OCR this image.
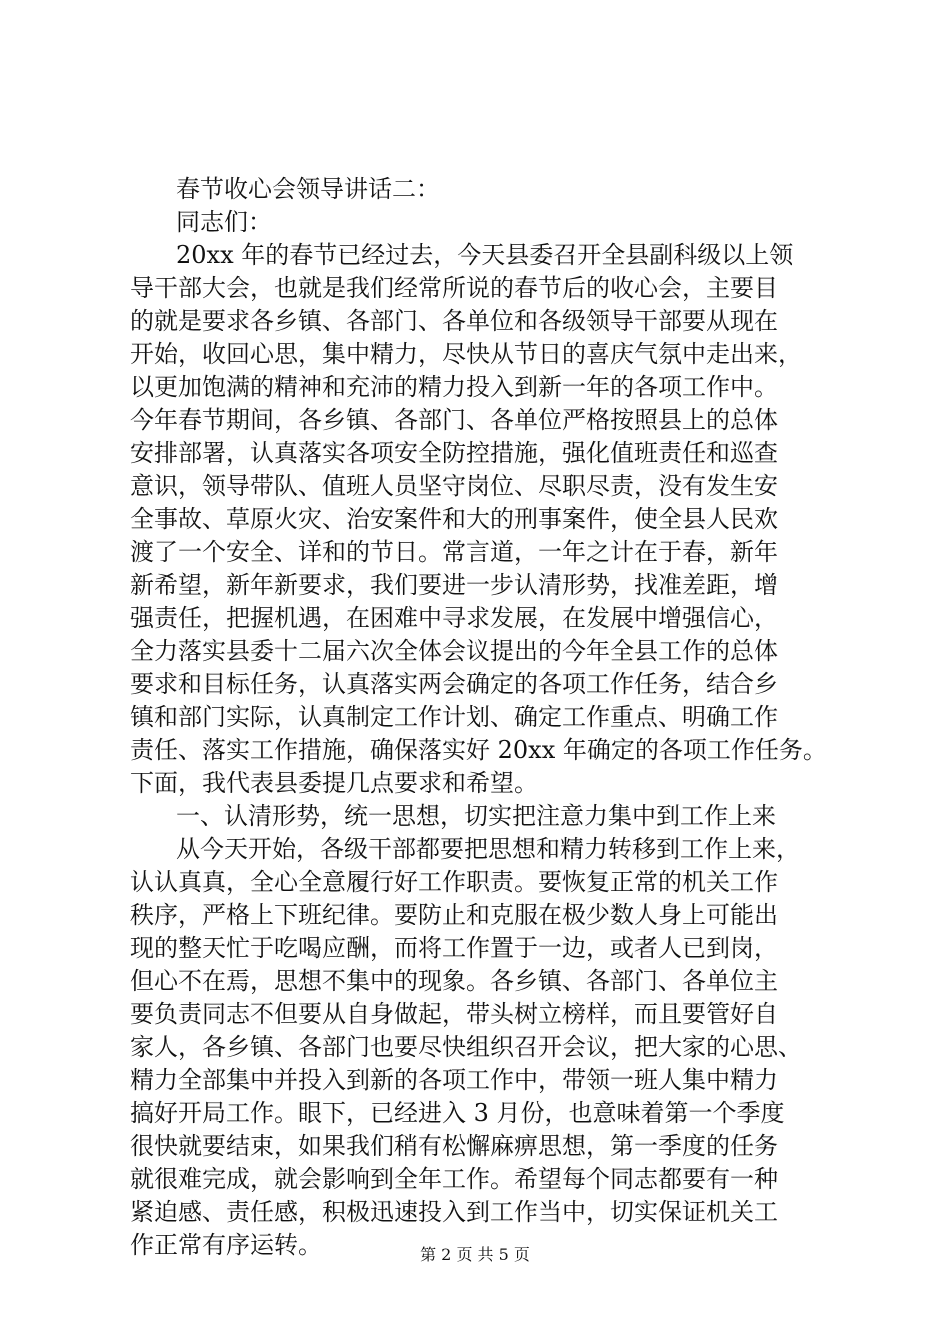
春节收心会领导讲话二：
同志们：
20xx 年的春节已经过去，今天县委召开全县副科级以上领
导干部大会，也就是我们经常所说的春节后的收心会，主要目
的就是要求各乡镇、各部门、各单位和各级领导干部要从现在
开始，收回心思，集中精力，尽快从节日的喜庆气氛中走出来，
以更加饱满的精神和充沛的精力投入到新一年的各项工作中。
今年春节期间，各乡镇、各部门、各单位严格按照县上的总体
安排部署，认真落实各项安全防控措施，强化值班责任和巡查
意识，领导带队、值班人员坚守岗位、尽职尽责，没有发生安
全事故、草原火灾、治安案件和大的刑事案件，使全县人民欢
渡了一个安全、详和的节日。常言道，一年之计在于春，新年
新希望，新年新要求，我们要进一步认清形势，找准差距，增
强责任，把握机遇，在困难中寻求发展，在发展中增强信心，
全力落实县委十二届六次全体会议提出的今年全县工作的总体
要求和目标任务，认真落实两会确定的各项工作任务，结合乡
镇和部门实际，认真制定工作计划、确定工作重点、明确工作
责任、落实工作措施，确保落实好 20xx 年确定的各项工作任务。
下面，我代表县委提几点要求和希望。
一、认清形势，统一思想，切实把注意力集中到工作上来
从今天开始，各级干部都要把思想和精力转移到工作上来，
认认真真，全心全意履行好工作职责。要恢复正常的机关工作
秩序，严格上下班纪律。要防止和克服在极少数人身上可能出
现的整天忙于吃喝应酬，而将工作置于一边，或者人已到岗，
但心不在焉，思想不集中的现象。各乡镇、各部门、各单位主
要负责同志不但要从自身做起，带头树立榜样，而且要管好自
家人，各乡镇、各部门也要尽快组织召开会议，把大家的心思、
精力全部集中并投入到新的各项工作中，带领一班人集中精力
搞好开局工作。眼下，已经进入 3 月份，也意味着第一个季度
很快就要结束，如果我们稍有松懈麻痹思想，第一季度的任务
就很难完成，就会影响到全年工作。希望每个同志都要有一种
紧迫感、责任感，积极迅速投入到工作当中，切实保证机关工
作正常有序运转。	第 2 页 共 5 页
